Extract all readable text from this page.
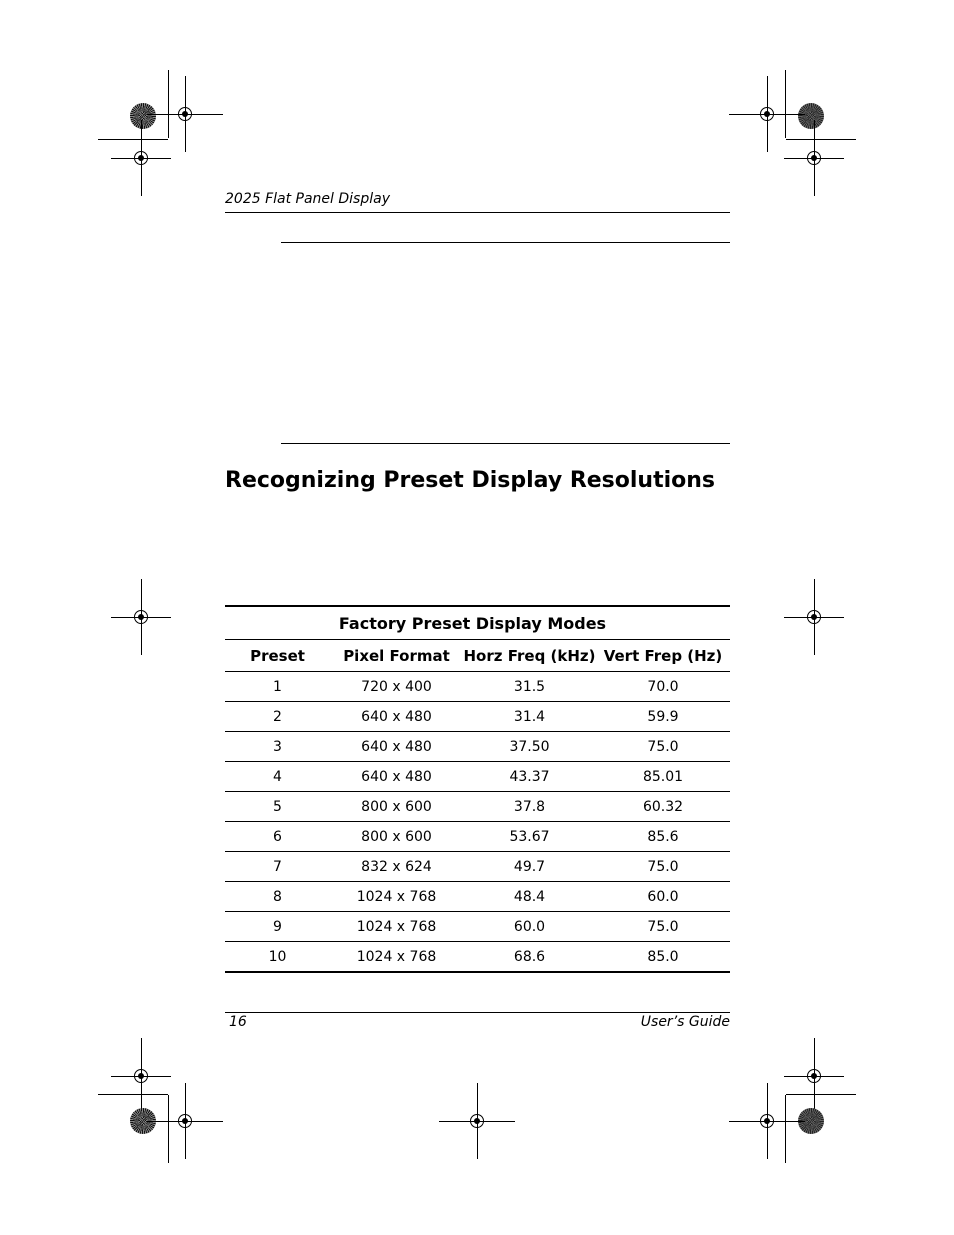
2025 Flat Panel Display
Recognizing Preset Display Resolutions
Factory Preset Display Modes			
Preset	Pixel Format	Horz Freq (kHz)	Vert Frep (Hz)
1	720 x 400	31.5	70.0
2	640 x 480	31.4	59.9
3	640 x 480	37.50	75.0
4	640 x 480	43.37	85.01
5	800 x 600	37.8	60.32
6	800 x 600	53.67	85.6
7	832 x 624	49.7	75.0
8	1024 x 768	48.4	60.0
9	1024 x 768	60.0	75.0
10	1024 x 768	68.6	85.0
16	User’s Guide
